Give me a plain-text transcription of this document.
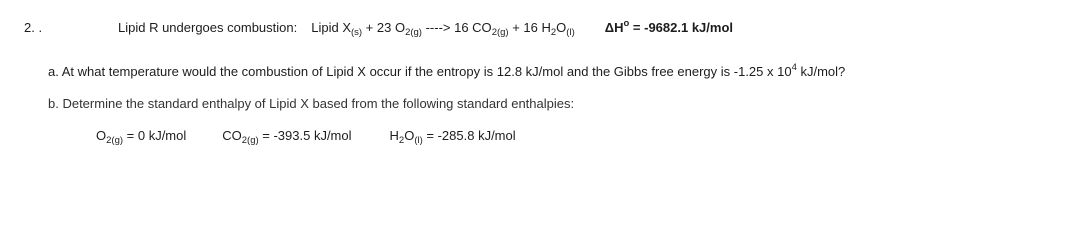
2. .	Lipid R undergoes combustion: Lipid $X_{(s)} + 23$ $O_{2(g)}$ ----> 16 $CO_{2(g)} + 16$ $H_2O_{(l)}$ $\Delta H^o = -9682.1$ kJ/mol
a. At what temperature would the combustion of Lipid X occur if the entropy is 12.8 kJ/mol and the Gibbs free energy is -1.25 x $10^4$ kJ/mol?
b. Determine the standard enthalpy of Lipid X based from the following standard enthalpies:
$O_{2(g)} = 0$ kJ/mol	$CO_{2(g)} = -393.5$ kJ/mol	$H_2O_{(l)} = -285.8$ kJ/mol
